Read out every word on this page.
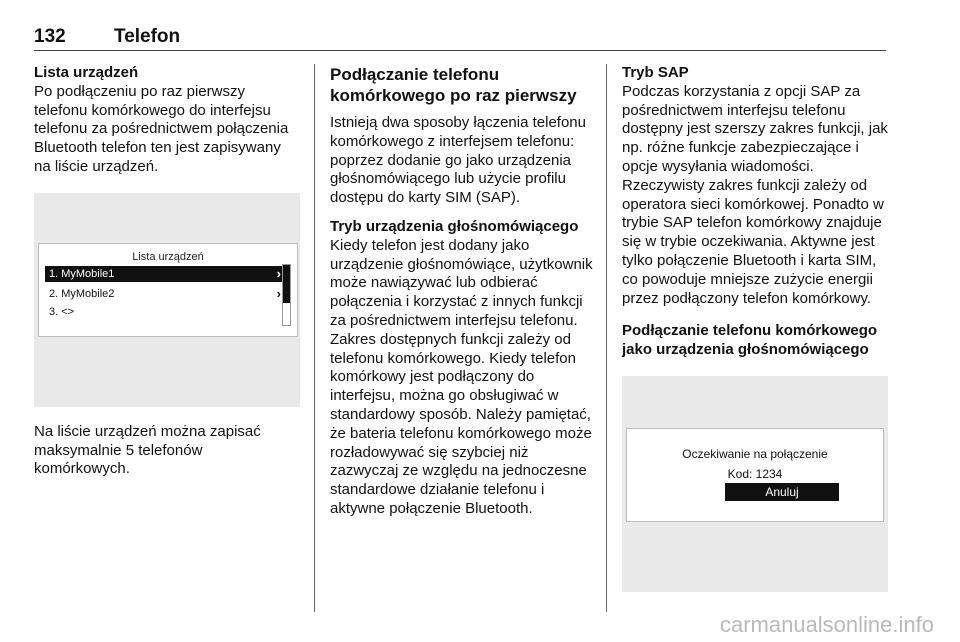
132	Telefon

Lista urządzeń

Po podłączeniu po raz pierwszy telefonu komórkowego do interfejsu telefonu za pośrednictwem połączenia Bluetooth telefon ten jest zapisywany na liście urządzeń.

Lista urządzeń
1. MyMobile1	›
2. MyMobile2	›
3. <>

Na liście urządzeń można zapisać maksymalnie 5 telefonów komórkowych.

Podłączanie telefonu komórkowego po raz pierwszy

Istnieją dwa sposoby łączenia telefonu komórkowego z interfejsem telefonu: poprzez dodanie go jako urządzenia głośnomówiącego lub użycie profilu dostępu do karty SIM (SAP).

Tryb urządzenia głośnomówiącego

Kiedy telefon jest dodany jako urządzenie głośnomówiące, użytkownik może nawiązywać lub odbierać połączenia i korzystać z innych funkcji za pośrednictwem interfejsu telefonu. Zakres dostępnych funkcji zależy od telefonu komórkowego. Kiedy telefon komórkowy jest podłączony do interfejsu, można go obsługiwać w standardowy sposób. Należy pamiętać, że bateria telefonu komórkowego może rozładowywać się szybciej niż zazwyczaj ze względu na jednoczesne standardowe działanie telefonu i aktywne połączenie Bluetooth.

Tryb SAP

Podczas korzystania z opcji SAP za pośrednictwem interfejsu telefonu dostępny jest szerszy zakres funkcji, jak np. różne funkcje zabezpieczające i opcje wysyłania wiadomości. Rzeczywisty zakres funkcji zależy od operatora sieci komórkowej. Ponadto w trybie SAP telefon komórkowy znajduje się w trybie oczekiwania. Aktywne jest tylko połączenie Bluetooth i karta SIM, co powoduje mniejsze zużycie energii przez podłączony telefon komórkowy.

Podłączanie telefonu komórkowego jako urządzenia głośnomówiącego

Oczekiwanie na połączenie
Kod: 1234
Anuluj
carmanualsonline.info
